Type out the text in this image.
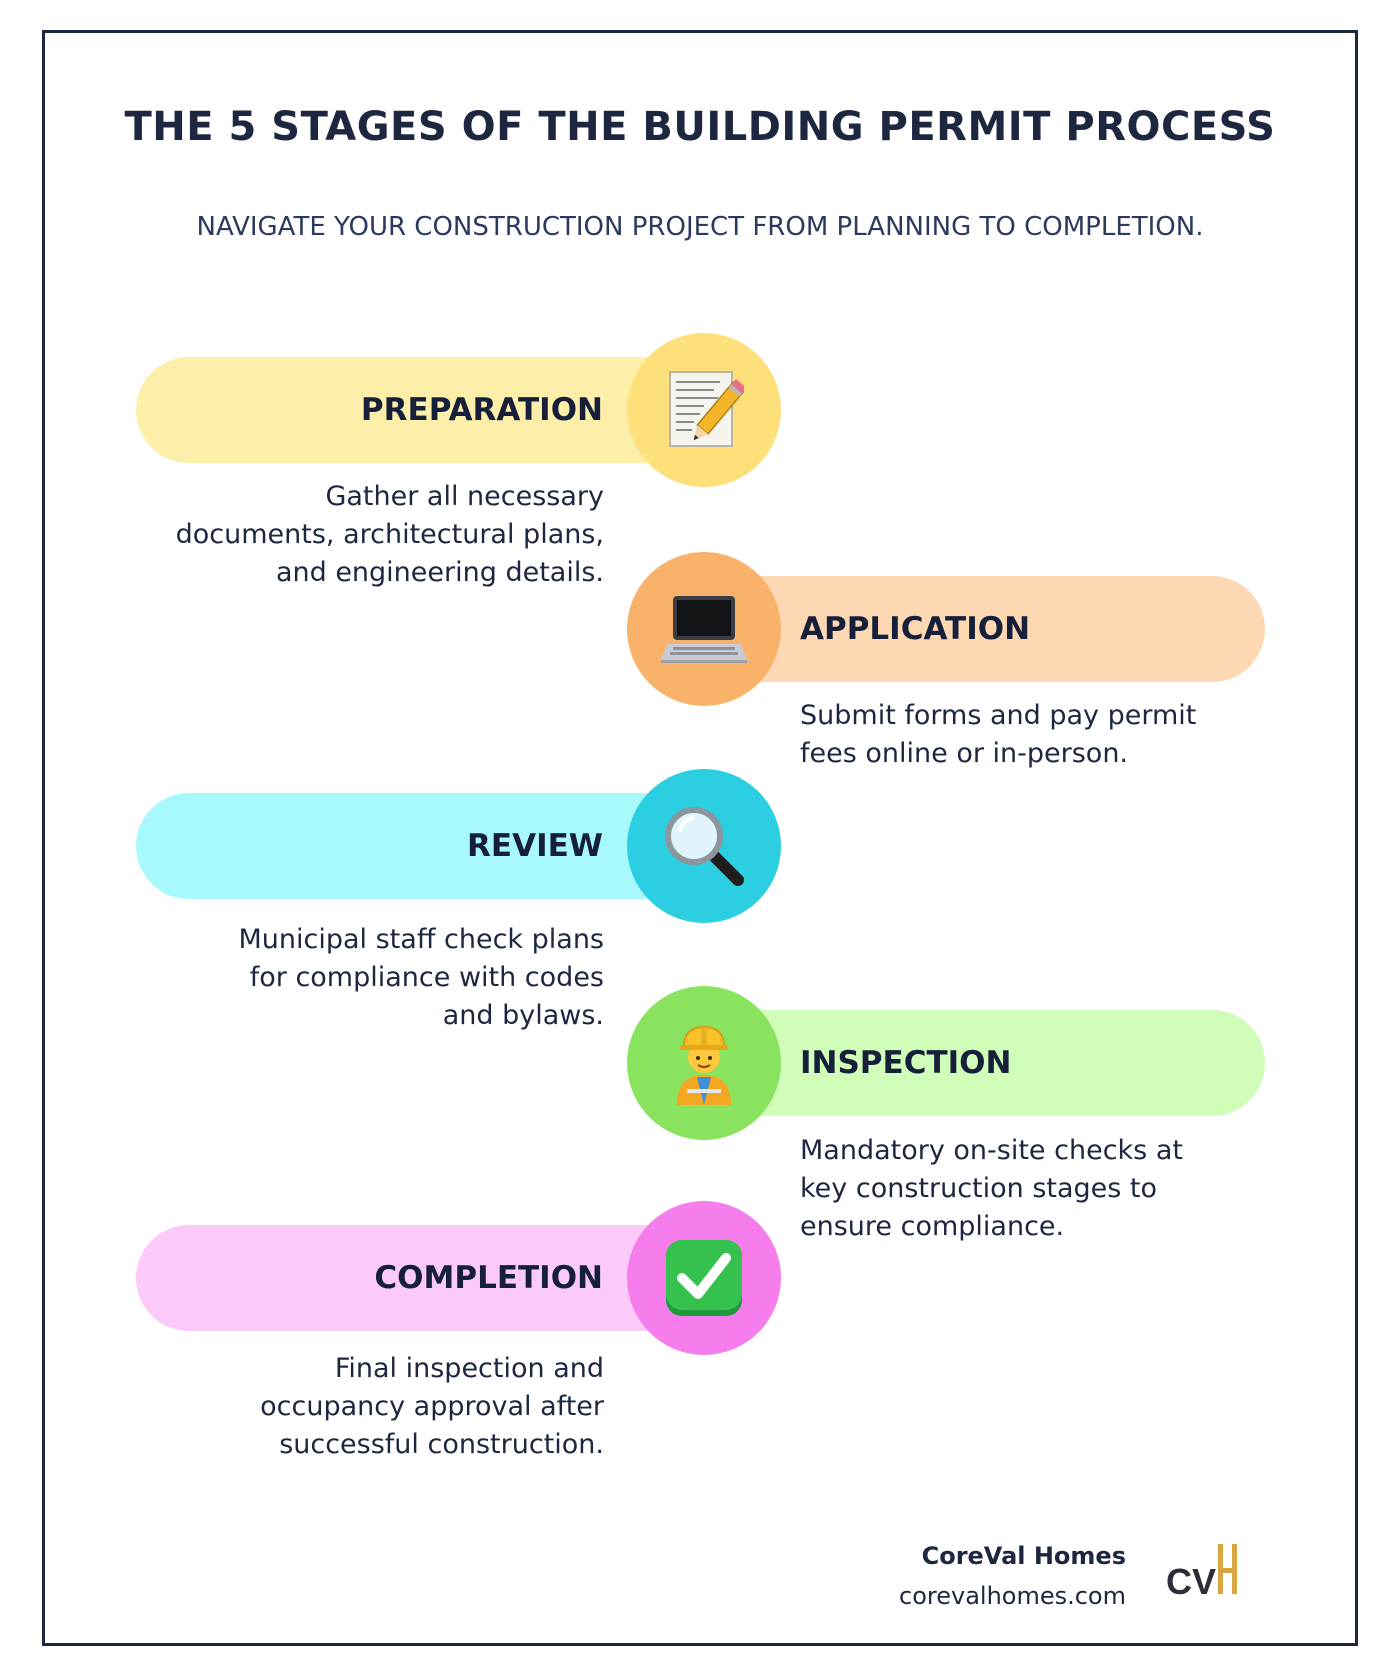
THE 5 STAGES OF THE BUILDING PERMIT PROCESS
NAVIGATE YOUR CONSTRUCTION PROJECT FROM PLANNING TO COMPLETION.
PREPARATION
Gather all necessary
documents, architectural plans,
and engineering details.
APPLICATION
Submit forms and pay permit
fees online or in-person.
REVIEW
Municipal staff check plans
for compliance with codes
and bylaws.
INSPECTION
Mandatory on-site checks at
key construction stages to
ensure compliance.
COMPLETION
Final inspection and
occupancy approval after
successful construction.
CoreVal Homes
corevalhomes.com CV
